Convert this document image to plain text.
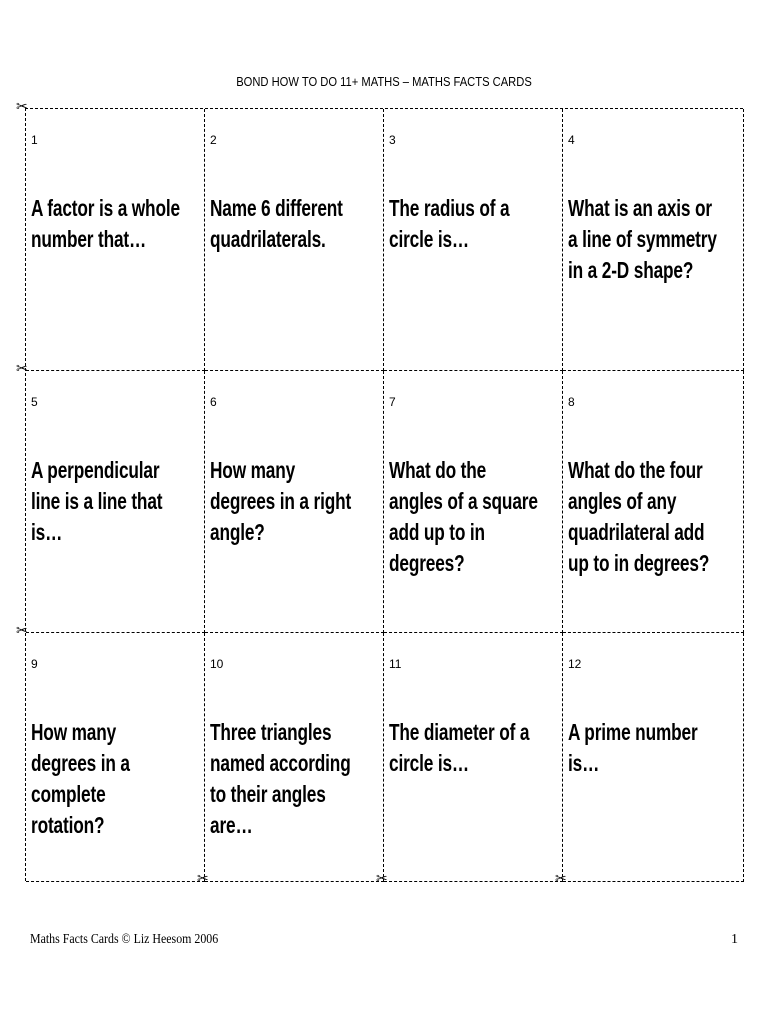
BOND HOW TO DO 11+ MATHS – MATHS FACTS CARDS
✂
✂
✂
✂	✂	✂
1
A factor is a whole number that…
2
Name 6 different quadrilaterals.
3
The radius of a circle is…
4
What is an axis or a line of symmetry in a 2-D shape?
5
A perpendicular line is a line that is…
6
How many degrees in a right angle?
7
What do the angles of a square add up to in degrees?
8
What do the four angles of any quadrilateral add up to in degrees?
9
How many degrees in a complete rotation?
10
Three triangles named according to their angles are…
11
The diameter of a circle is…
12
A prime number is…
Maths Facts Cards © Liz Heesom 2006	1
